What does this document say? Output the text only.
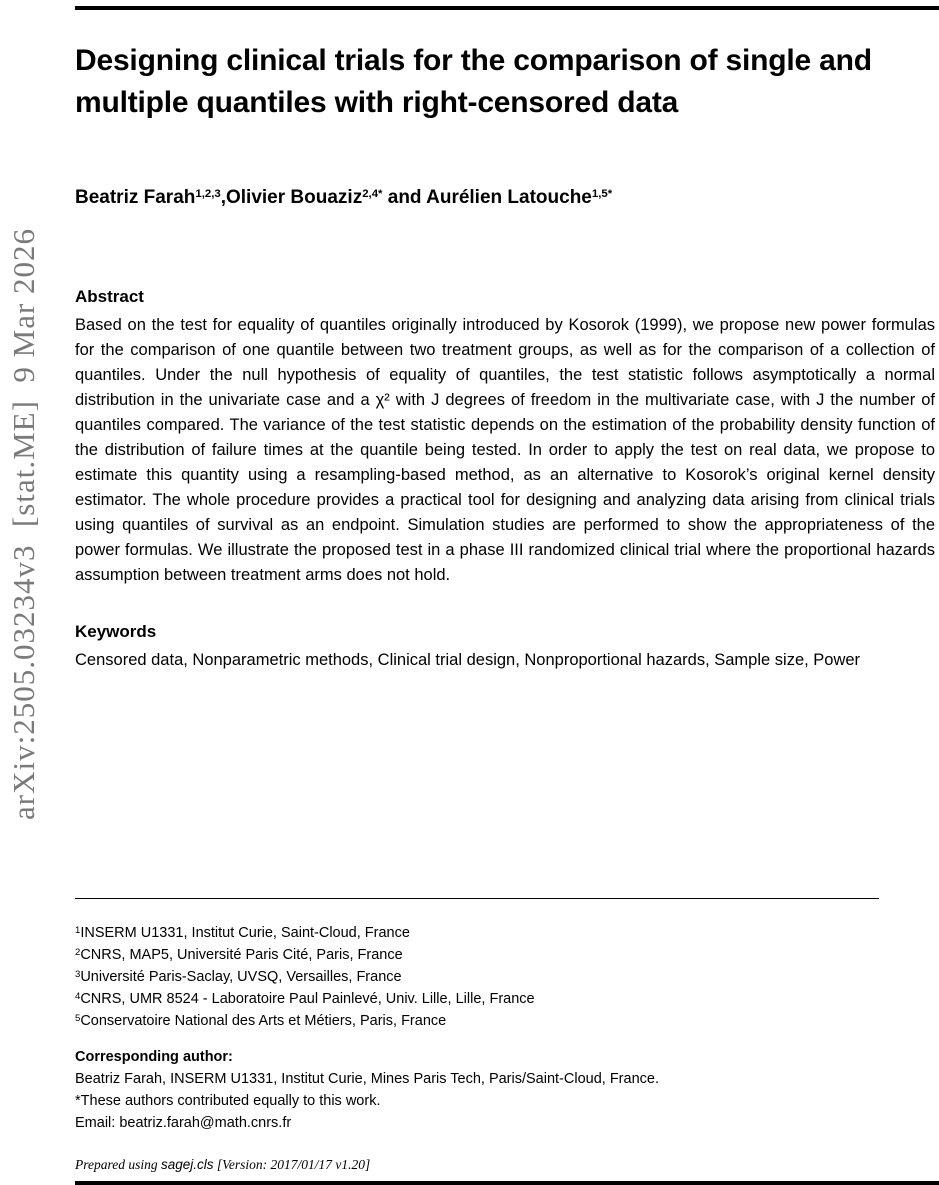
arXiv:2505.03234v3  [stat.ME]  9 Mar 2026
Designing clinical trials for the comparison of single and multiple quantiles with right-censored data

Beatriz Farah$^{1,2,3}$,Olivier Bouaziz$^{2,4*}$ and Aurélien Latouche$^{1,5*}$

Abstract

Based on the test for equality of quantiles originally introduced by Kosorok (1999), we propose new power formulas for the comparison of one quantile between two treatment groups, as well as for the comparison of a collection of quantiles. Under the null hypothesis of equality of quantiles, the test statistic follows asymptotically a normal distribution in the univariate case and a χ² with J degrees of freedom in the multivariate case, with J the number of quantiles compared. The variance of the test statistic depends on the estimation of the probability density function of the distribution of failure times at the quantile being tested. In order to apply the test on real data, we propose to estimate this quantity using a resampling-based method, as an alternative to Kosorok’s original kernel density estimator. The whole procedure provides a practical tool for designing and analyzing data arising from clinical trials using quantiles of survival as an endpoint. Simulation studies are performed to show the appropriateness of the power formulas. We illustrate the proposed test in a phase III randomized clinical trial where the proportional hazards assumption between treatment arms does not hold.

Keywords

Censored data, Nonparametric methods, Clinical trial design, Nonproportional hazards, Sample size, Power

$^1$INSERM U1331, Institut Curie, Saint-Cloud, France
$^2$CNRS, MAP5, Université Paris Cité, Paris, France
$^3$Université Paris-Saclay, UVSQ, Versailles, France
$^4$CNRS, UMR 8524 - Laboratoire Paul Painlevé, Univ. Lille, Lille, France
$^5$Conservatoire National des Arts et Métiers, Paris, France

Corresponding author:

Beatriz Farah, INSERM U1331, Institut Curie, Mines Paris Tech, Paris/Saint-Cloud, France.

*These authors contributed equally to this work.

Email: beatriz.farah@math.cnrs.fr

Prepared using sagej.cls [Version: 2017/01/17 v1.20]
